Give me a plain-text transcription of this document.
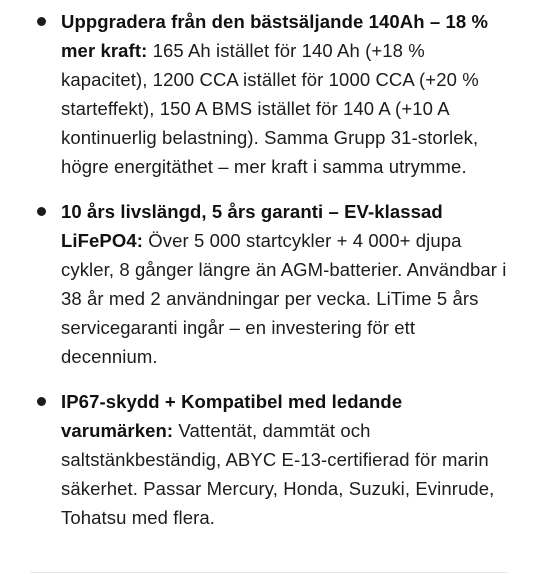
Uppgradera från den bästsäljande 140Ah – 18 % mer kraft: 165 Ah istället för 140 Ah (+18 % kapacitet), 1200 CCA istället för 1000 CCA (+20 % starteffekt), 150 A BMS istället för 140 A (+10 A kontinuerlig belastning). Samma Grupp 31-storlek, högre energitäthet – mer kraft i samma utrymme.
10 års livslängd, 5 års garanti – EV-klassad LiFePO4: Över 5 000 startcykler + 4 000+ djupa cykler, 8 gånger längre än AGM-batterier. Användbar i 38 år med 2 användningar per vecka. LiTime 5 års servicegaranti ingår – en investering för ett decennium.
IP67-skydd + Kompatibel med ledande varumärken: Vattentät, dammtät och saltstänkbeständig, ABYC E-13-certifierad för marin säkerhet. Passar Mercury, Honda, Suzuki, Evinrude, Tohatsu med flera.
